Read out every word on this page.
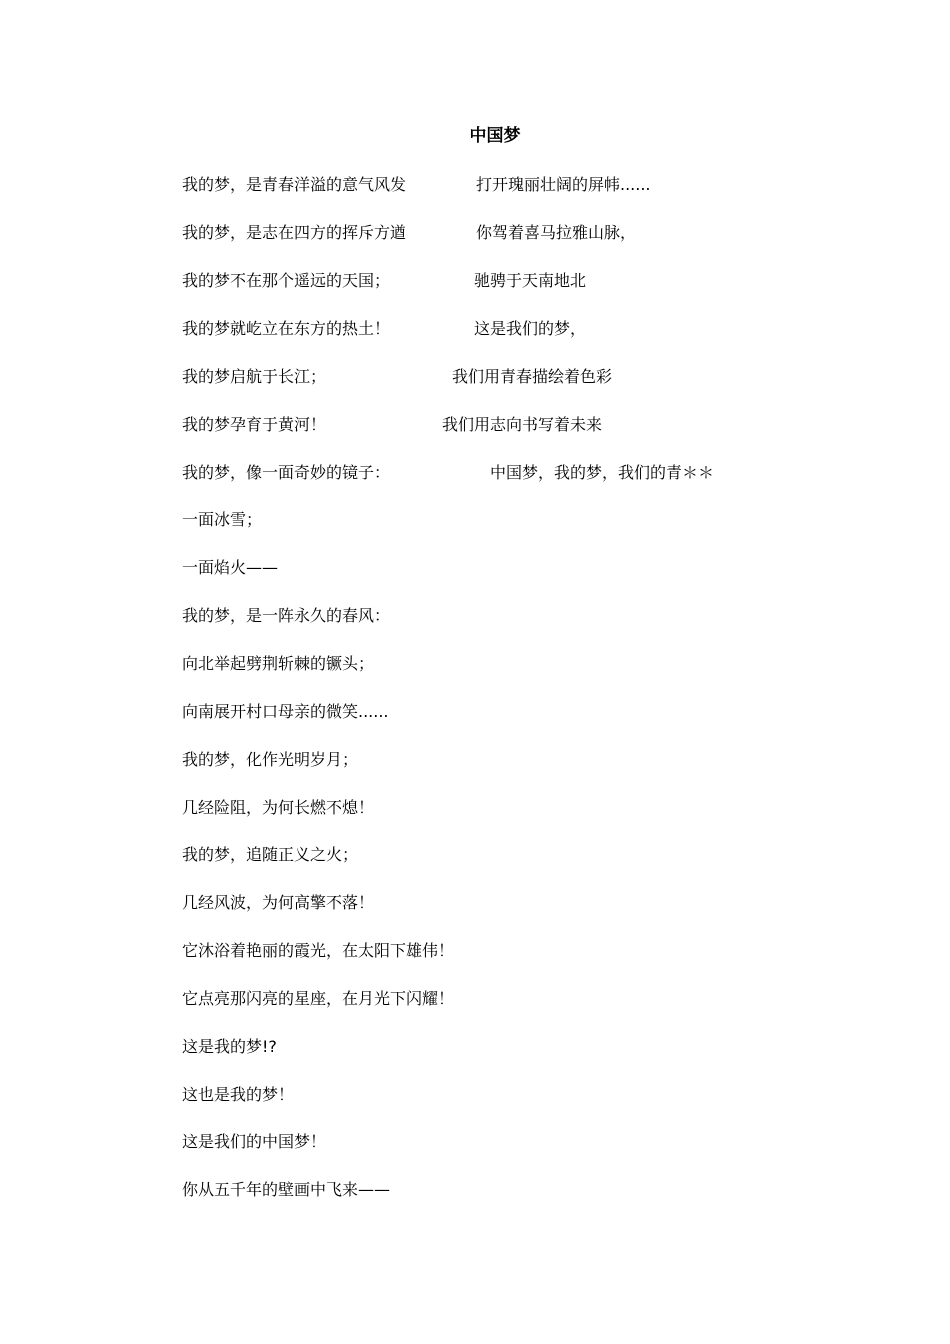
中国梦
我的梦，是青春洋溢的意气风发
我的梦，是志在四方的挥斥方遒
我的梦不在那个遥远的天国；
我的梦就屹立在东方的热土！
我的梦启航于长江；
我的梦孕育于黄河！
我的梦，像一面奇妙的镜子：
一面冰雪；
一面焰火——
我的梦，是一阵永久的春风：
向北举起劈荆斩棘的镢头；
向南展开村口母亲的微笑......
我的梦，化作光明岁月；
几经险阻，为何长燃不熄！
我的梦，追随正义之火；
几经风波，为何高擎不落！
它沐浴着艳丽的霞光，在太阳下雄伟！
它点亮那闪亮的星座，在月光下闪耀！
这是我的梦!?
这也是我的梦！
这是我们的中国梦！
你从五千年的壁画中飞来——
打开瑰丽壮阔的屏帏......
你驾着喜马拉雅山脉，
驰骋于天南地北
这是我们的梦，
我们用青春描绘着色彩
我们用志向书写着未来
中国梦，我的梦，我们的青＊＊
